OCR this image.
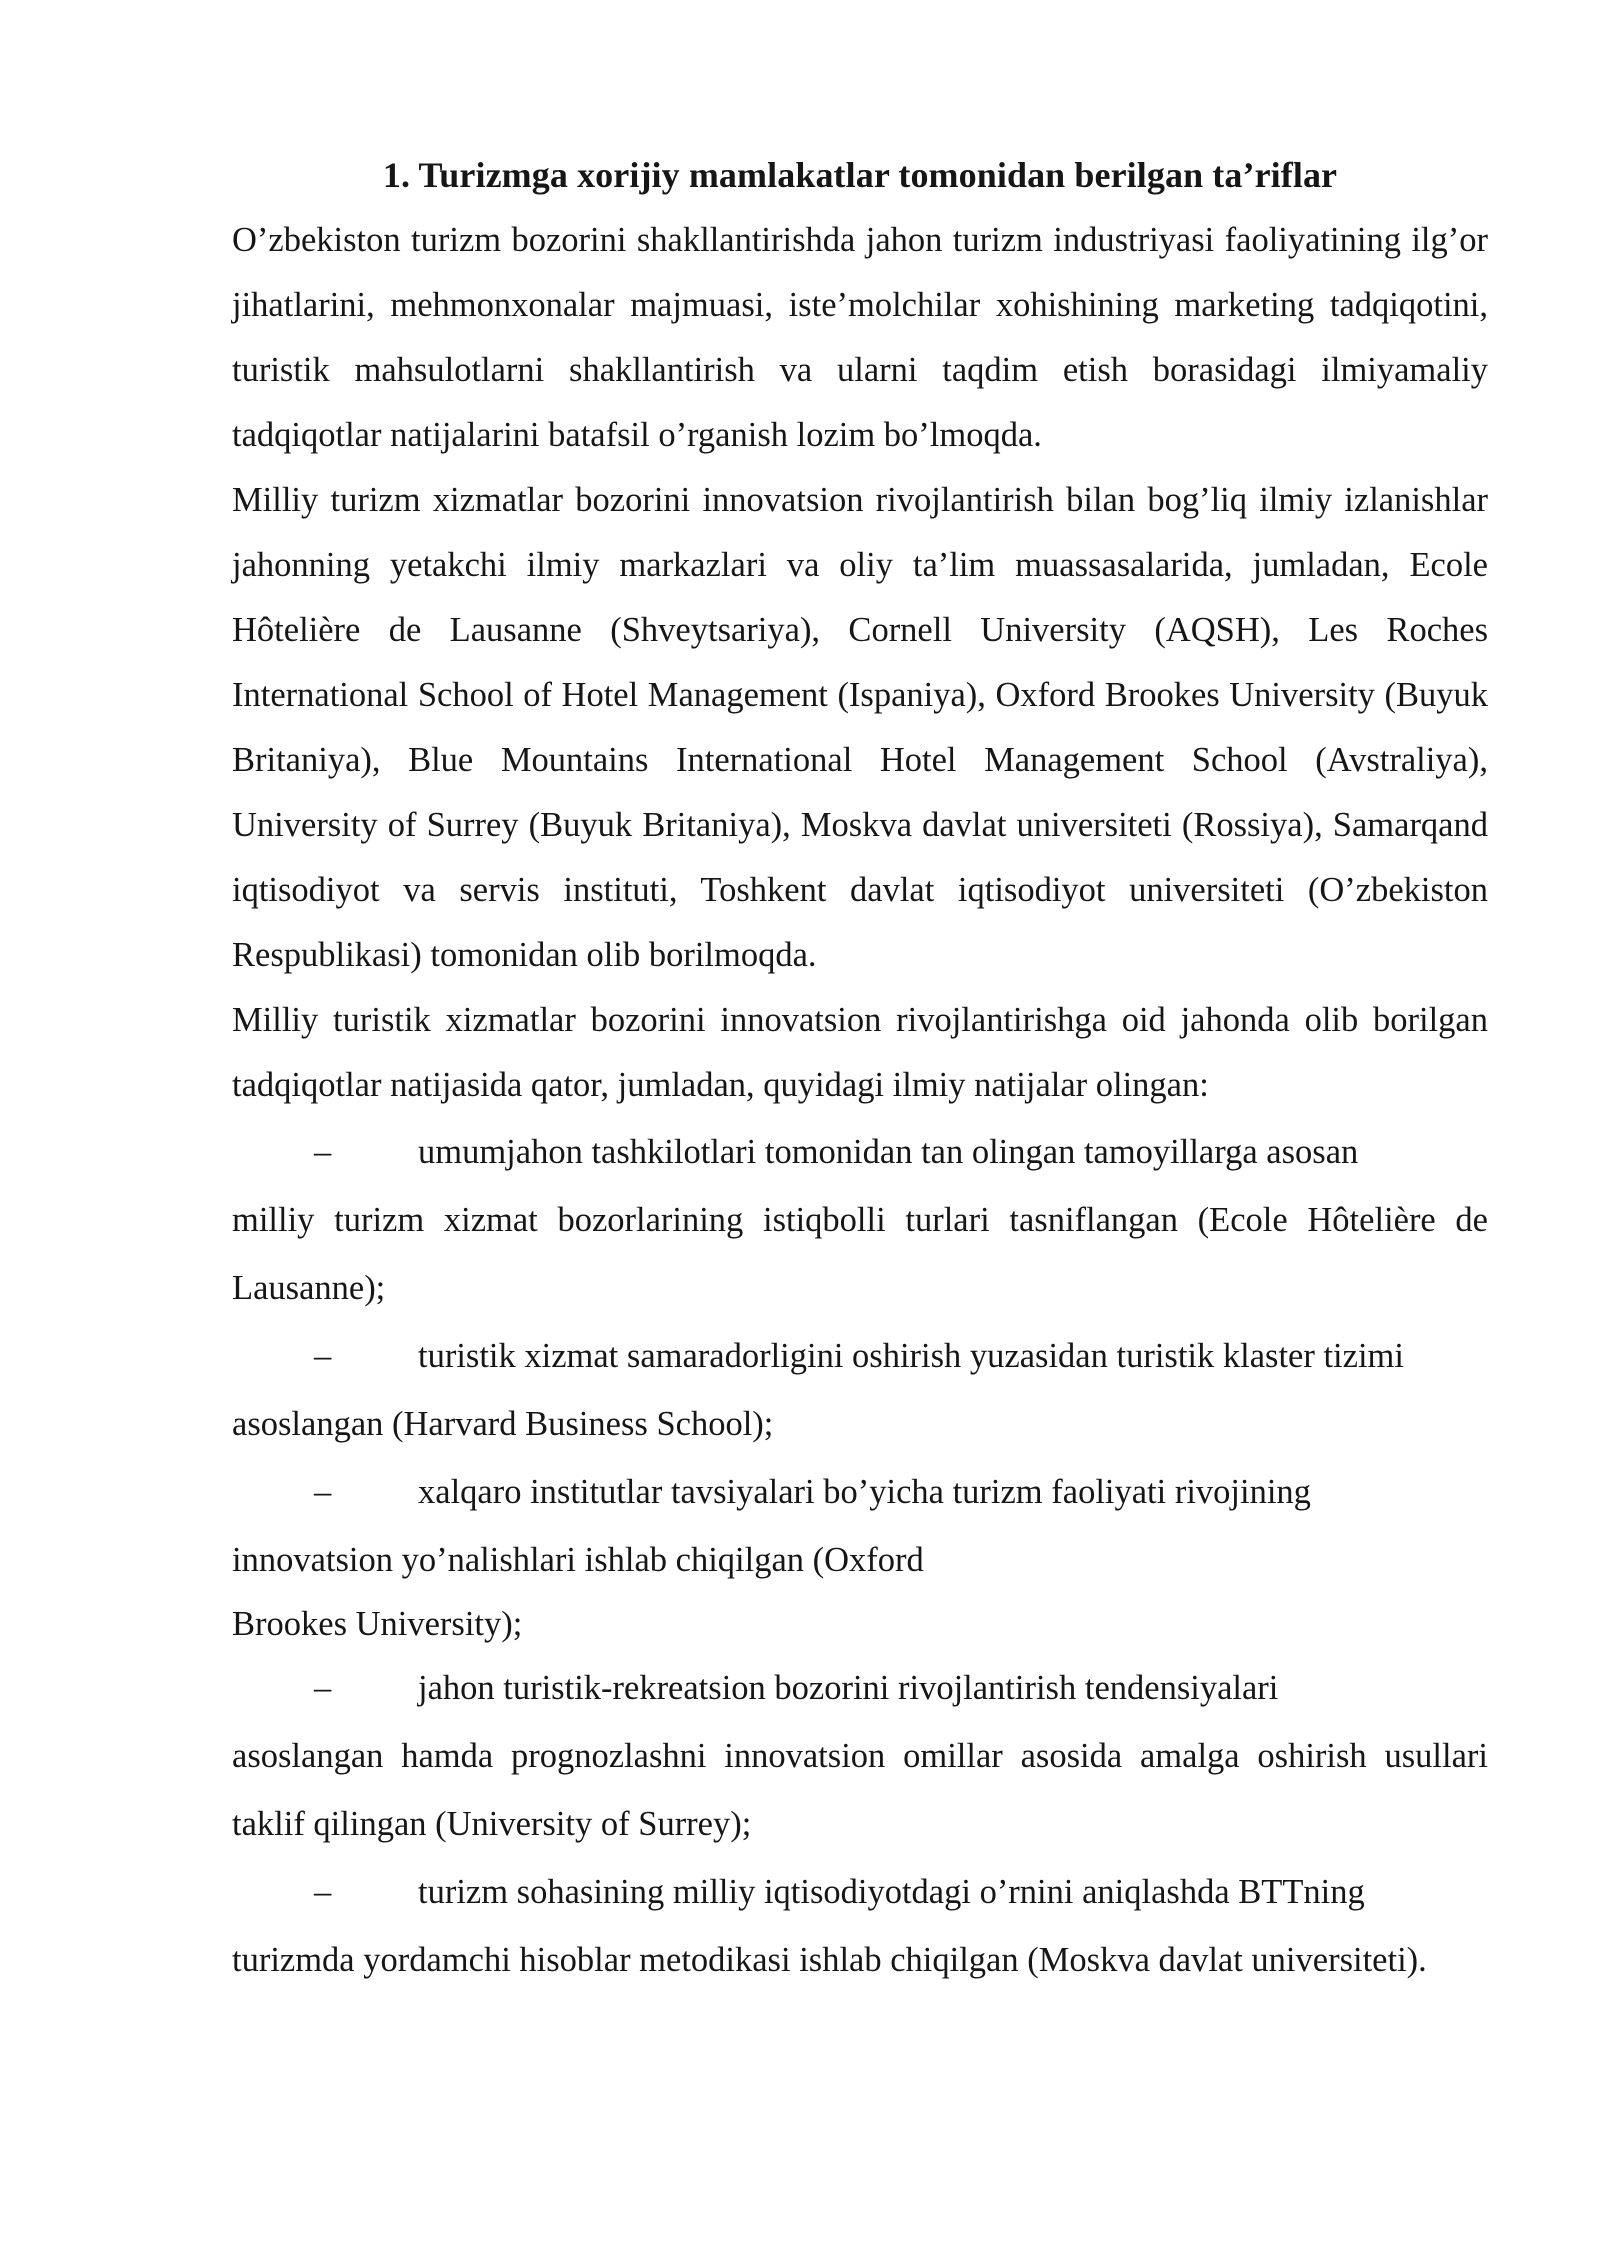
1. Turizmga xorijiy mamlakatlar tomonidan berilgan ta’riflar

O’zbekiston turizm bozorini shakllantirishda jahon turizm industriyasi faoliyatining ilg’or jihatlarini, mehmonxonalar majmuasi, iste’molchilar xohishining marketing tadqiqotini, turistik mahsulotlarni shakllantirish va ularni taqdim etish borasidagi ilmiyamaliy tadqiqotlar natijalarini batafsil o’rganish lozim bo’lmoqda.

Milliy turizm xizmatlar bozorini innovatsion rivojlantirish bilan bog’liq ilmiy izlanishlar jahonning yetakchi ilmiy markazlari va oliy ta’lim muassasalarida, jumladan, Ecole Hôtelière de Lausanne (Shveytsariya), Cornell University (AQSH), Les Roches International School of Hotel Management (Ispaniya), Oxford Brookes University (Buyuk Britaniya), Blue Mountains International Hotel Management School (Avstraliya), University of Surrey (Buyuk Britaniya), Moskva davlat universiteti (Rossiya), Samarqand iqtisodiyot va servis instituti, Toshkent davlat iqtisodiyot universiteti (O’zbekiston Respublikasi) tomonidan olib borilmoqda.

Milliy turistik xizmatlar bozorini innovatsion rivojlantirishga oid jahonda olib borilgan tadqiqotlar natijasida qator, jumladan, quyidagi ilmiy natijalar olingan:

–	umumjahon tashkilotlari tomonidan tan olingan tamoyillarga asosan
milliy turizm xizmat bozorlarining istiqbolli turlari tasniflangan (Ecole Hôtelière de Lausanne);
–	turistik xizmat samaradorligini oshirish yuzasidan turistik klaster tizimi
asoslangan (Harvard Business School);
–	xalqaro institutlar tavsiyalari bo’yicha turizm faoliyati rivojining
innovatsion yo’nalishlari ishlab chiqilgan (Oxford
Brookes University);
–	jahon turistik-rekreatsion bozorini rivojlantirish tendensiyalari
asoslangan hamda prognozlashni innovatsion omillar asosida amalga oshirish usullari taklif qilingan (University of Surrey);
–	turizm sohasining milliy iqtisodiyotdagi o’rnini aniqlashda BTTning
turizmda yordamchi hisoblar metodikasi ishlab chiqilgan (Moskva davlat universiteti).
